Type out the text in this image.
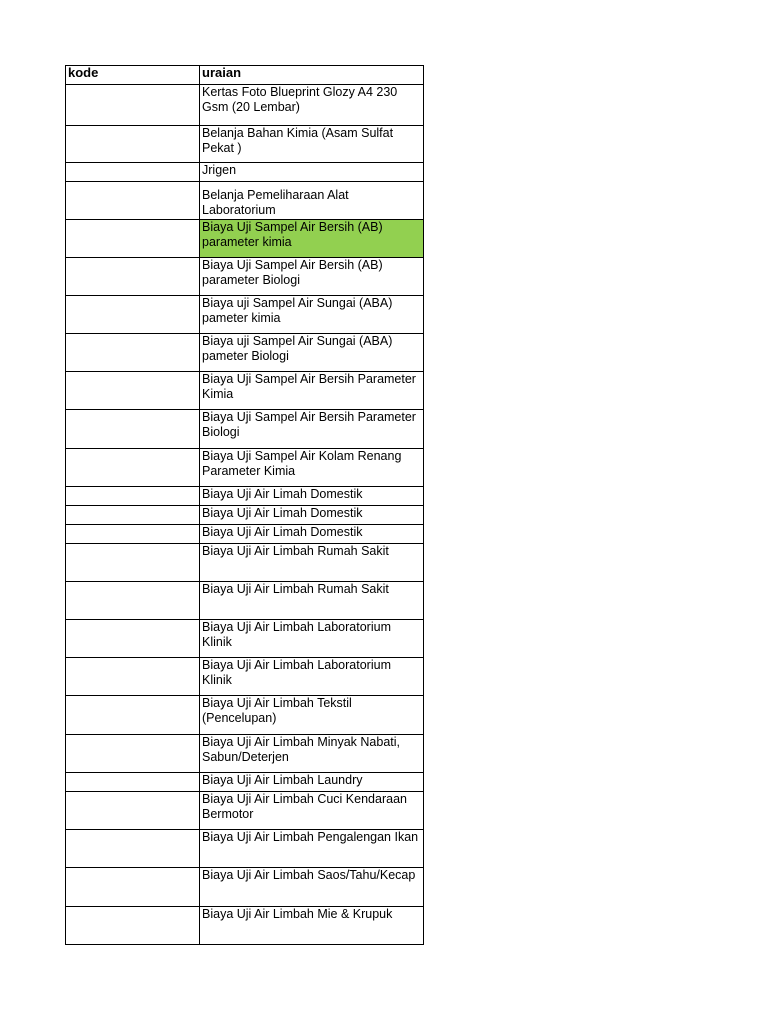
kode	uraian
	Kertas Foto Blueprint Glozy A4 230 Gsm (20 Lembar)
	Belanja Bahan Kimia (Asam Sulfat Pekat )
	Jrigen
	Belanja Pemeliharaan Alat Laboratorium
	Biaya Uji Sampel Air Bersih (AB) parameter kimia
	Biaya Uji Sampel Air Bersih (AB) parameter Biologi
	Biaya uji Sampel Air Sungai (ABA) pameter kimia
	Biaya uji Sampel Air Sungai (ABA) pameter Biologi
	Biaya Uji Sampel Air Bersih Parameter Kimia
	Biaya Uji Sampel Air Bersih Parameter Biologi
	Biaya Uji Sampel Air Kolam Renang Parameter Kimia
	Biaya Uji Air Limah Domestik
	Biaya Uji Air Limah Domestik
	Biaya Uji Air Limah Domestik
	Biaya Uji Air Limbah Rumah Sakit
	Biaya Uji Air Limbah Rumah Sakit
	Biaya Uji Air Limbah Laboratorium Klinik
	Biaya Uji Air Limbah Laboratorium Klinik
	Biaya Uji Air Limbah Tekstil (Pencelupan)
	Biaya Uji Air Limbah Minyak Nabati, Sabun/Deterjen
	Biaya Uji Air Limbah Laundry
	Biaya Uji Air Limbah Cuci Kendaraan Bermotor
	Biaya Uji Air Limbah Pengalengan Ikan
	Biaya Uji Air Limbah Saos/Tahu/Kecap
	Biaya Uji Air Limbah Mie & Krupuk
